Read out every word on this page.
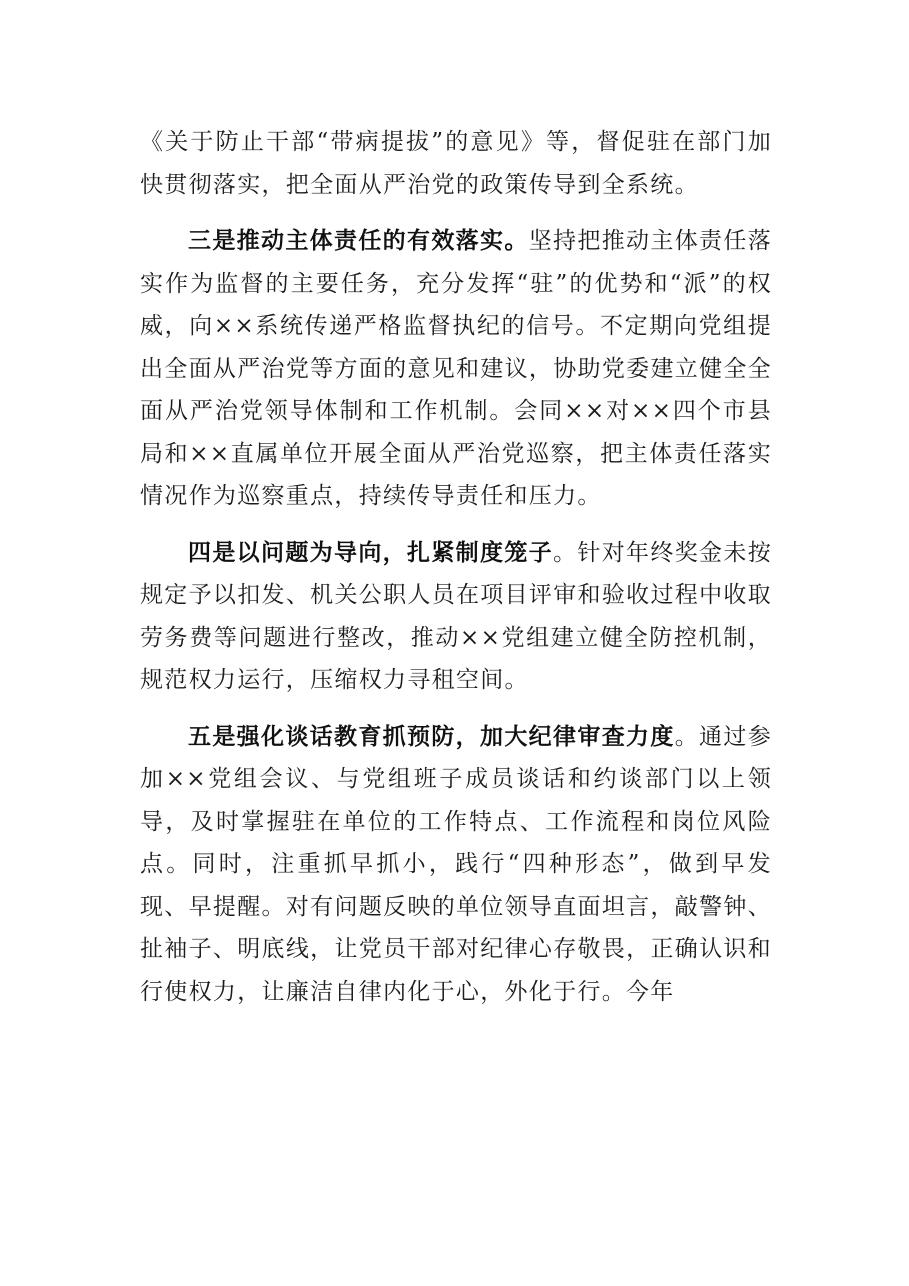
《关于防止干部“带病提拔”的意见》等，督促驻在部门加快贯彻落实，把全面从严治党的政策传导到全系统。

三是推动主体责任的有效落实。坚持把推动主体责任落实作为监督的主要任务，充分发挥“驻”的优势和“派”的权威，向××系统传递严格监督执纪的信号。不定期向党组提出全面从严治党等方面的意见和建议，协助党委建立健全全面从严治党领导体制和工作机制。会同××对××四个市县局和××直属单位开展全面从严治党巡察，把主体责任落实情况作为巡察重点，持续传导责任和压力。

四是以问题为导向，扎紧制度笼子。针对年终奖金未按规定予以扣发、机关公职人员在项目评审和验收过程中收取劳务费等问题进行整改，推动××党组建立健全防控机制，规范权力运行，压缩权力寻租空间。

五是强化谈话教育抓预防，加大纪律审查力度。通过参加××党组会议、与党组班子成员谈话和约谈部门以上领导，及时掌握驻在单位的工作特点、工作流程和岗位风险点。同时，注重抓早抓小，践行“四种形态”，做到早发现、早提醒。对有问题反映的单位领导直面坦言，敲警钟、扯袖子、明底线，让党员干部对纪律心存敬畏，正确认识和行使权力，让廉洁自律内化于心，外化于行。今年
